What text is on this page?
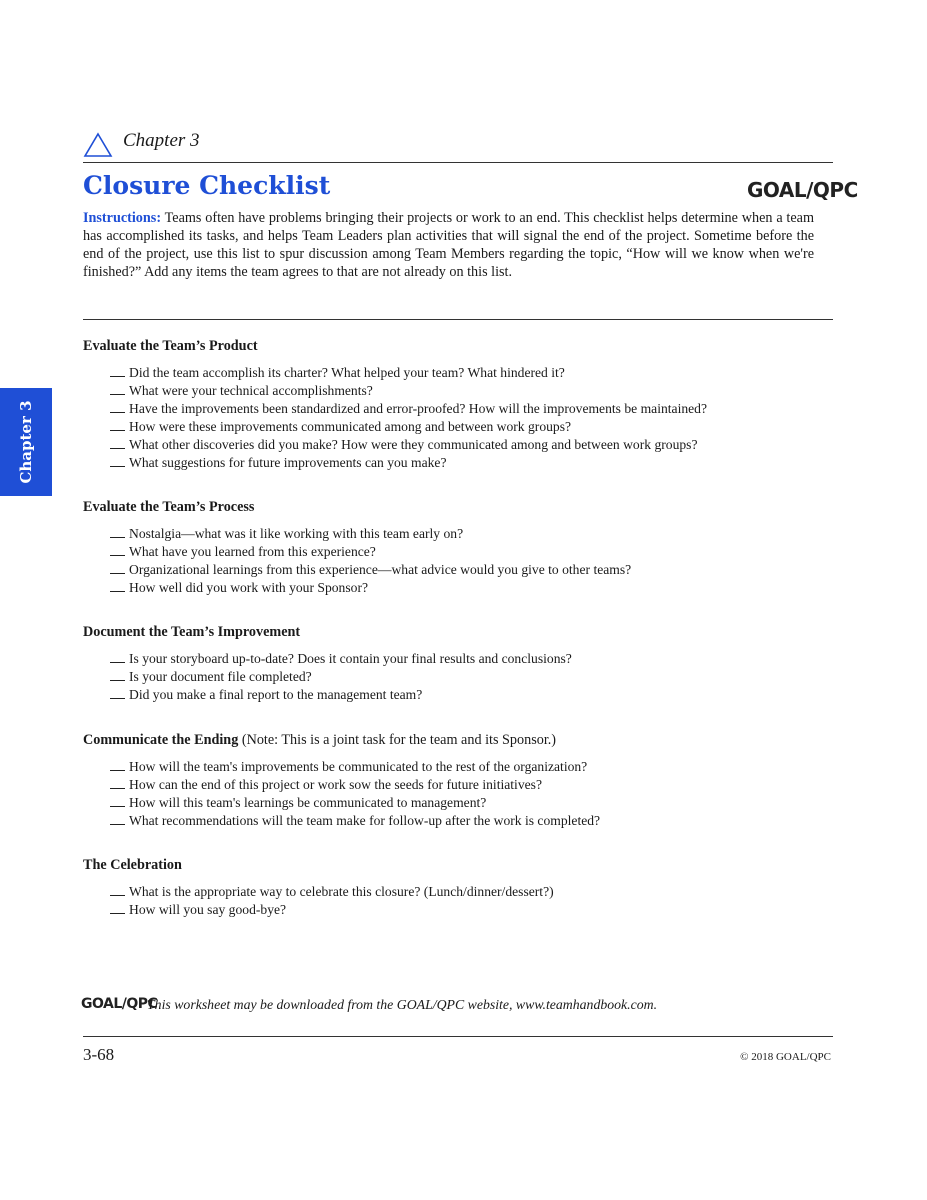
Chapter 3
Closure Checklist	GOAL/QPC

Instructions: Teams often have problems bringing their projects or work to an end. This checklist helps determine when a team has accomplished its tasks, and helps Team Leaders plan activities that will signal the end of the project. Sometime before the end of the project, use this list to spur discussion among Team Members regarding the topic, “How will we know when we're finished?” Add any items the team agrees to that are not already on this list.

Evaluate the Team’s Product
Did the team accomplish its charter? What helped your team? What hindered it?
What were your technical accomplishments?
Have the improvements been standardized and error-proofed? How will the improvements be maintained?
How were these improvements communicated among and between work groups?
What other discoveries did you make? How were they communicated among and between work groups?
What suggestions for future improvements can you make?
Evaluate the Team’s Process
Nostalgia—what was it like working with this team early on?
What have you learned from this experience?
Organizational learnings from this experience—what advice would you give to other teams?
How well did you work with your Sponsor?
Document the Team’s Improvement
Is your storyboard up-to-date? Does it contain your final results and conclusions?
Is your document file completed?
Did you make a final report to the management team?
Communicate the Ending (Note: This is a joint task for the team and its Sponsor.)
How will the team's improvements be communicated to the rest of the organization?
How can the end of this project or work sow the seeds for future initiatives?
How will this team's learnings be communicated to management?
What recommendations will the team make for follow-up after the work is completed?
The Celebration
What is the appropriate way to celebrate this closure? (Lunch/dinner/dessert?)
How will you say good-bye?
Chapter 3
GOAL/QPC
This worksheet may be downloaded from the GOAL/QPC website, www.teamhandbook.com.
3-68	© 2018 GOAL/QPC
